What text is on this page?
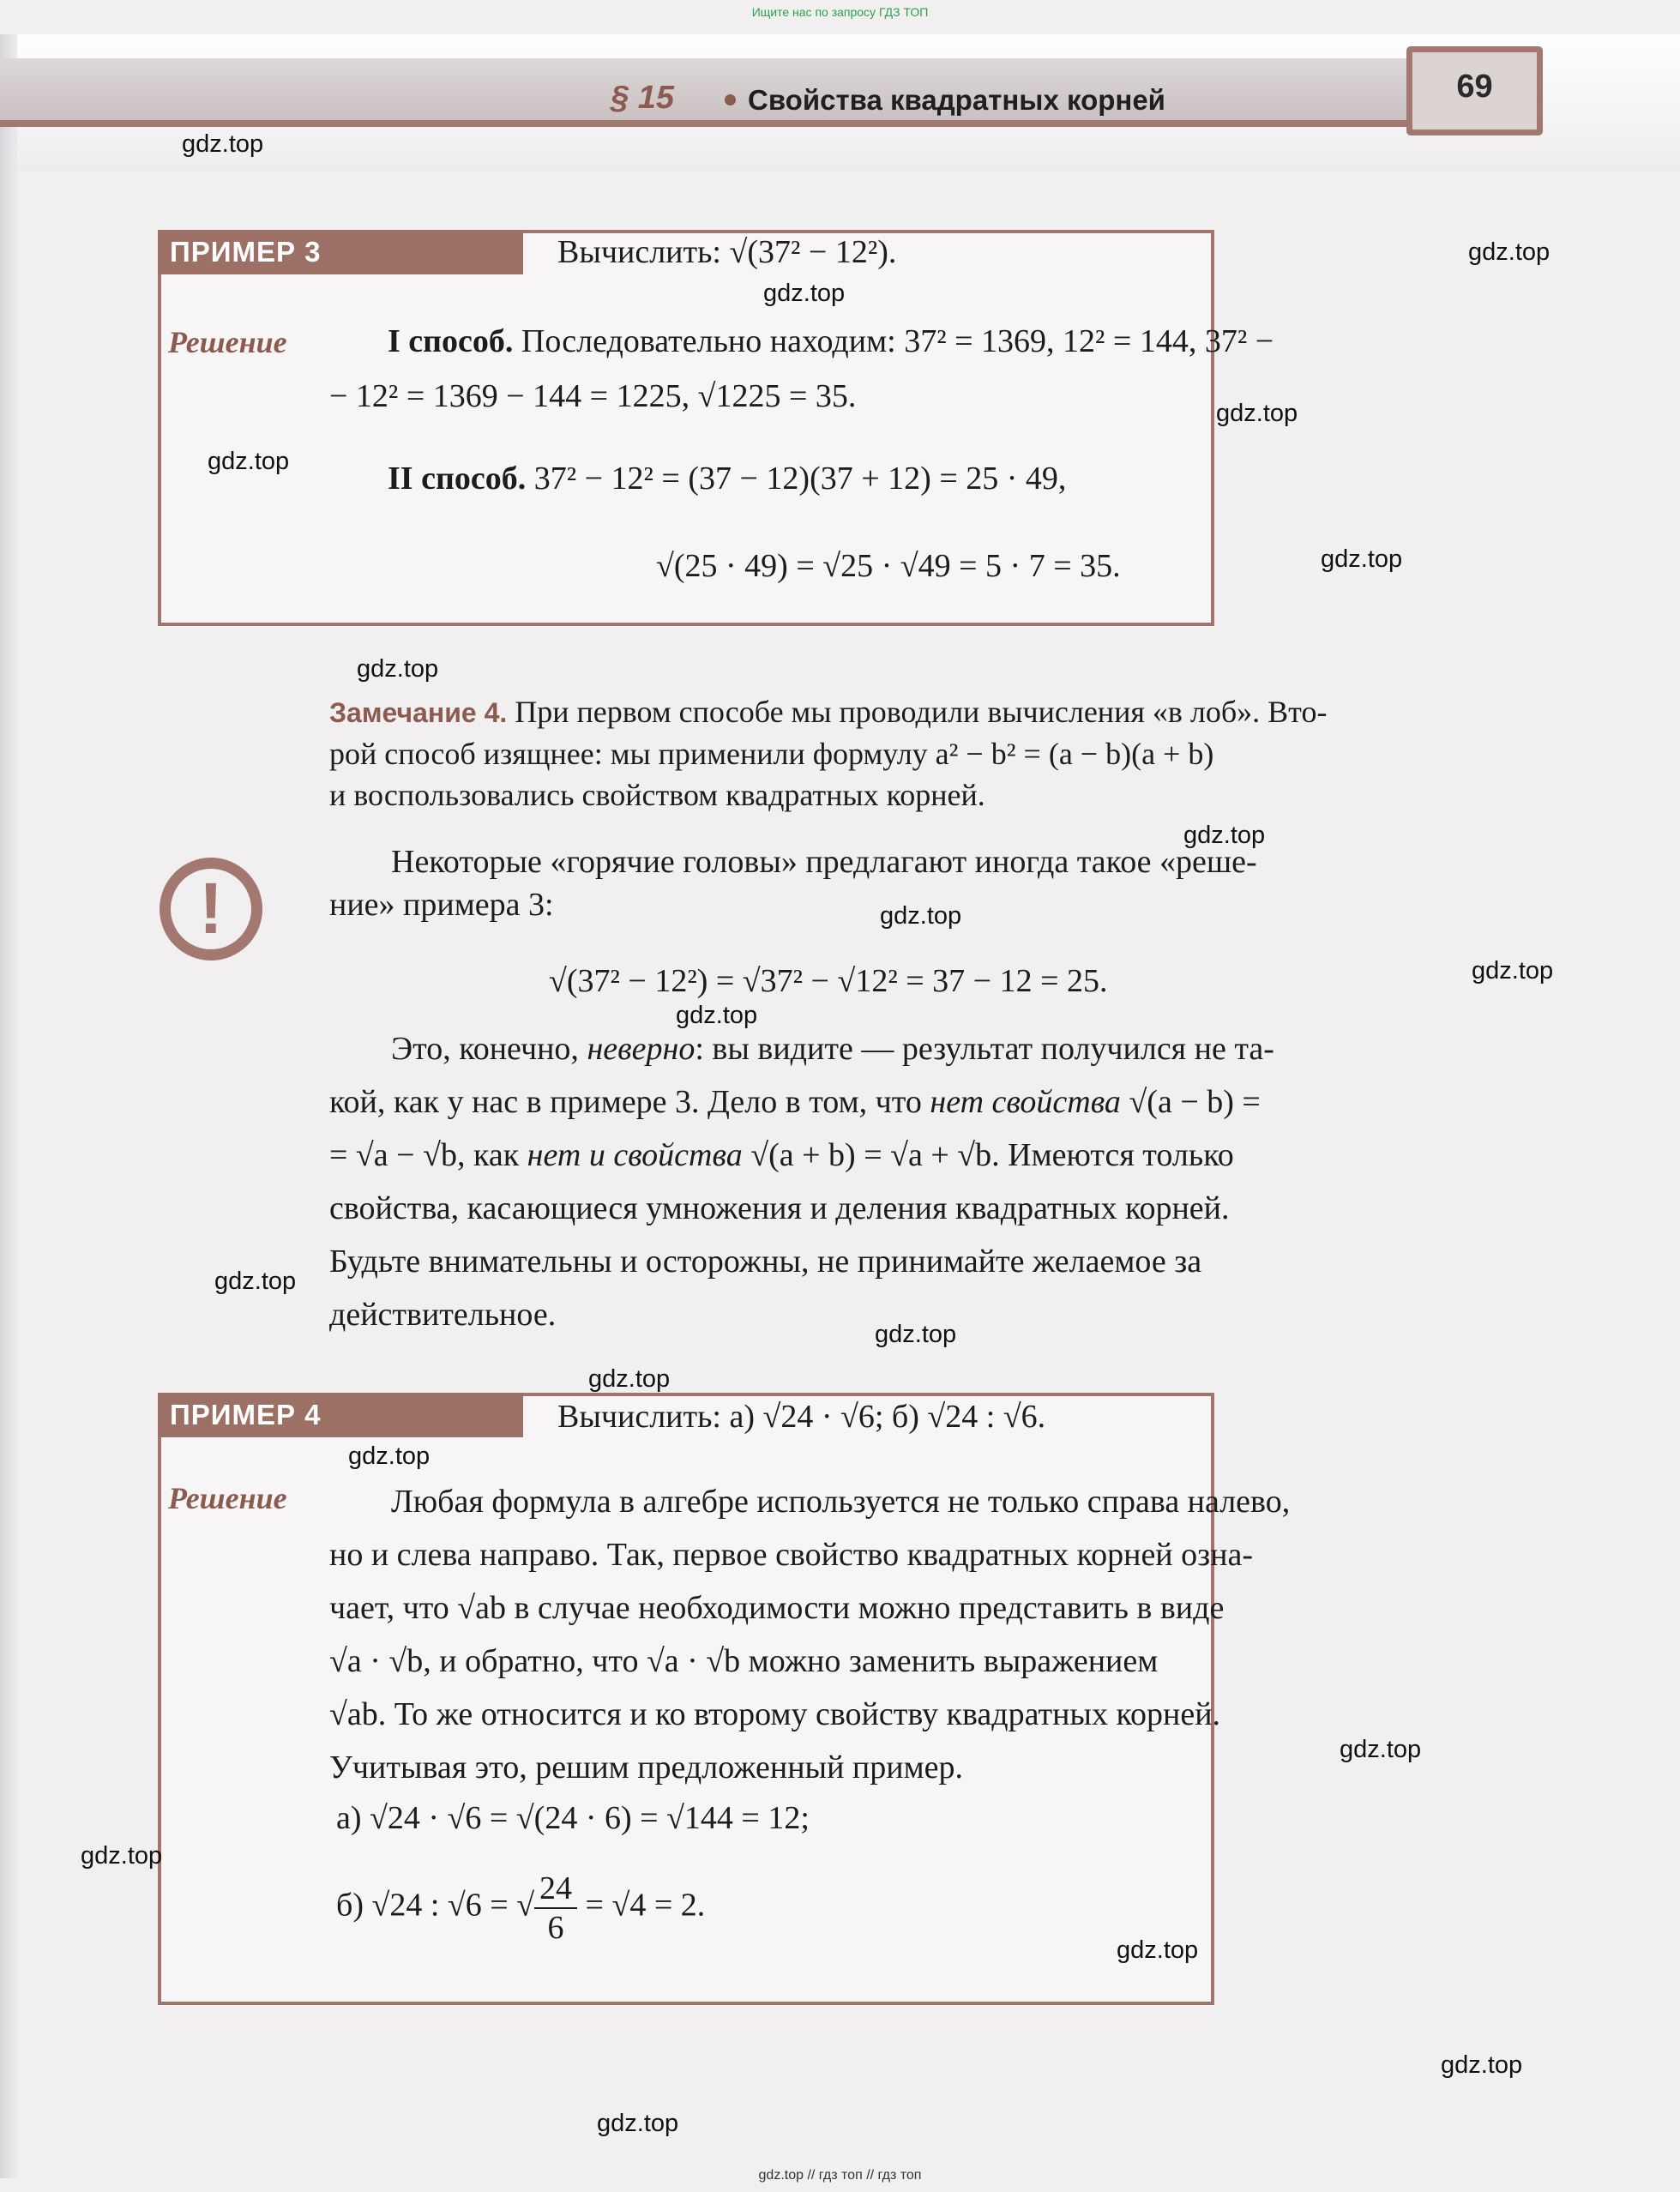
Ищите нас по запросу ГДЗ ТОП
§ 15	Свойства квадратных корней	69
ПРИМЕР 3	Вычислить: √(37² − 12²).
Решение	I способ. Последовательно находим: 37² = 1369, 12² = 144, 37² −
− 12² = 1369 − 144 = 1225, √1225 = 35.
II способ. 37² − 12² = (37 − 12)(37 + 12) = 25 · 49,
√(25 · 49) = √25 · √49 = 5 · 7 = 35.
Замечание 4. При первом способе мы проводили вычисления «в лоб». Вто-
рой способ изящнее: мы применили формулу a² − b² = (a − b)(a + b)
и воспользовались свойством квадратных корней.
!
Некоторые «горячие головы» предлагают иногда такое «реше-
ние» примера 3:
√(37² − 12²) = √37² − √12² = 37 − 12 = 25.
Это, конечно, неверно: вы видите — результат получился не та-
кой, как у нас в примере 3. Дело в том, что нет свойства √(a − b) =
= √a − √b, как нет и свойства √(a + b) = √a + √b. Имеются только
свойства, касающиеся умножения и деления квадратных корней.
Будьте внимательны и осторожны, не принимайте желаемое за
действительное.
ПРИМЕР 4	Вычислить: а) √24 · √6; б) √24 : √6.
Решение	Любая формула в алгебре используется не только справа налево,
но и слева направо. Так, первое свойство квадратных корней озна-
чает, что √ab в случае необходимости можно представить в виде
√a · √b, и обратно, что √a · √b можно заменить выражением
√ab. То же относится и ко второму свойству квадратных корней.
Учитывая это, решим предложенный пример.
а) √24 · √6 = √(24 · 6) = √144 = 12;
б) √24 : √6 = √ $\frac{24}{6} = √4 = 2$.
gdz.top
gdz.top
gdz.top
gdz.top
gdz.top
gdz.top
gdz.top
gdz.top
gdz.top
gdz.top
gdz.top
gdz.top
gdz.top
gdz.top
gdz.top
gdz.top
gdz.top
gdz.top
gdz.top
gdz.top
gdz.top // гдз топ // гдз топ
